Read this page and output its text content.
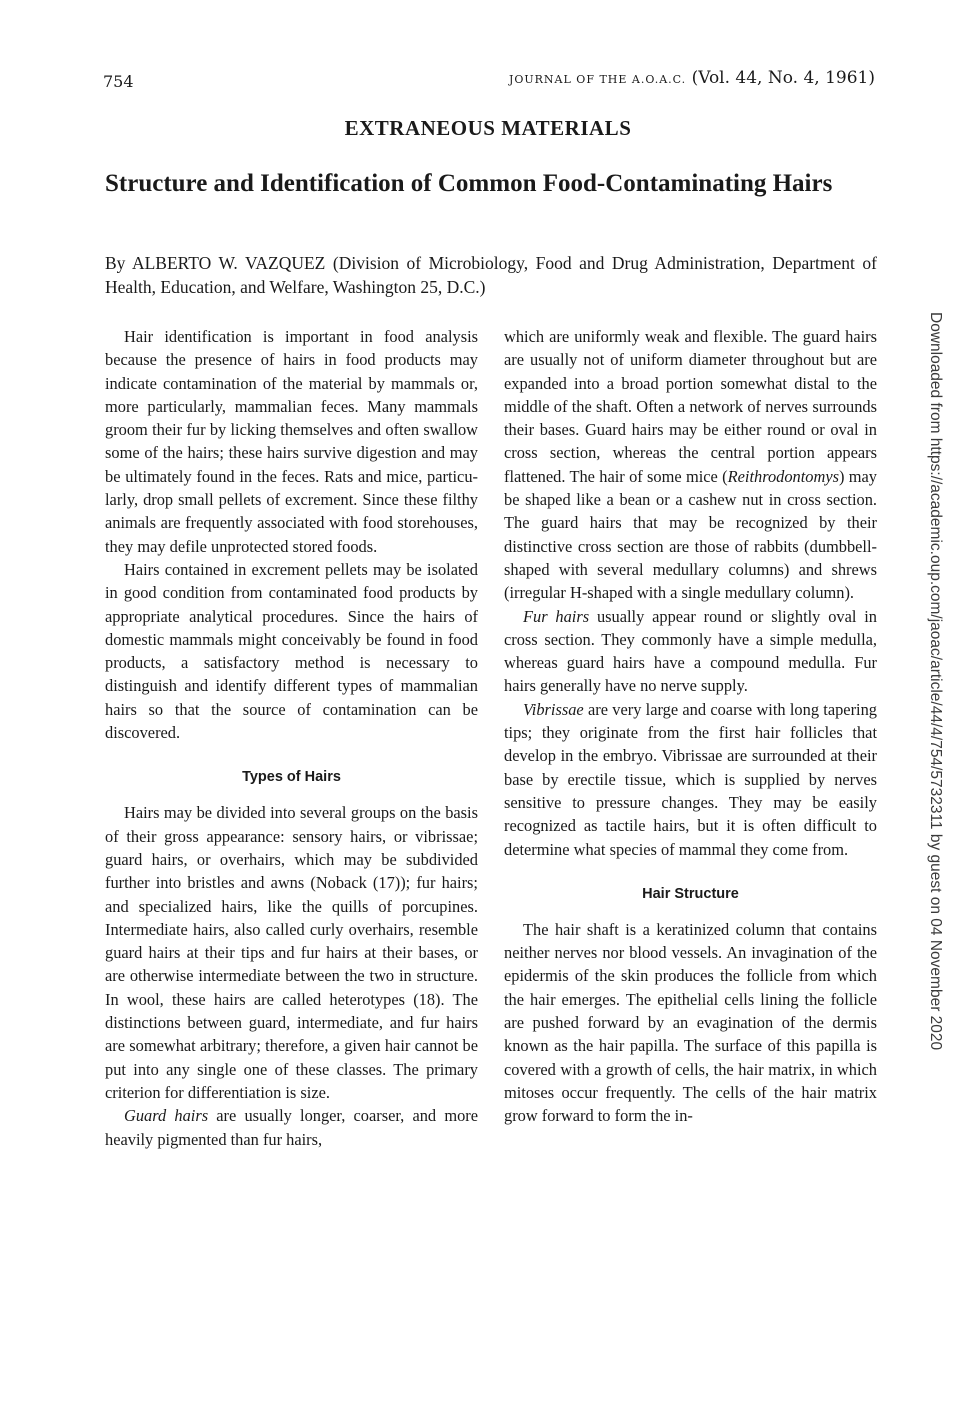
754	JOURNAL OF THE A.O.A.C. (Vol. 44, No. 4, 1961)
EXTRANEOUS MATERIALS
Structure and Identification of Common Food-Contaminating Hairs
By ALBERTO W. VAZQUEZ (Division of Microbiology, Food and Drug Administration, Department of Health, Education, and Welfare, Washington 25, D.C.)

Hair identification is important in food analysis because the presence of hairs in food products may indicate contamination of the material by mammals or, more particularly, mammalian feces. Many mammals groom their fur by licking themselves and often swallow some of the hairs; these hairs survive digestion and may be ultimately found in the feces. Rats and mice, particularly, drop small pellets of excrement. Since these filthy animals are frequently associated with food storehouses, they may defile unprotected stored foods.

Hairs contained in excrement pellets may be isolated in good condition from contaminated food products by appropriate analytical procedures. Since the hairs of domestic mammals might conceivably be found in food products, a satisfactory method is necessary to distinguish and identify different types of mammalian hairs so that the source of contamination can be discovered.

Types of Hairs

Hairs may be divided into several groups on the basis of their gross appearance: sensory hairs, or vibrissae; guard hairs, or overhairs, which may be subdivided further into bristles and awns (Noback (17)); fur hairs; and specialized hairs, like the quills of porcupines. Intermediate hairs, also called curly overhairs, resemble guard hairs at their tips and fur hairs at their bases, or are otherwise intermediate between the two in structure. In wool, these hairs are called heterotypes (18). The distinctions between guard, intermediate, and fur hairs are somewhat arbitrary; therefore, a given hair cannot be put into any single one of these classes. The primary criterion for differentiation is size.

Guard hairs are usually longer, coarser, and more heavily pigmented than fur hairs,

which are uniformly weak and flexible. The guard hairs are usually not of uniform diameter throughout but are expanded into a broad portion somewhat distal to the middle of the shaft. Often a network of nerves surrounds their bases. Guard hairs may be either round or oval in cross section, whereas the central portion appears flattened. The hair of some mice (Reithrodontomys) may be shaped like a bean or a cashew nut in cross section. The guard hairs that may be recognized by their distinctive cross section are those of rabbits (dumbbell-shaped with several medullary columns) and shrews (irregular H-shaped with a single medullary column).

Fur hairs usually appear round or slightly oval in cross section. They commonly have a simple medulla, whereas guard hairs have a compound medulla. Fur hairs generally have no nerve supply.

Vibrissae are very large and coarse with long tapering tips; they originate from the first hair follicles that develop in the embryo. Vibrissae are surrounded at their base by erectile tissue, which is supplied by nerves sensitive to pressure changes. They may be easily recognized as tactile hairs, but it is often difficult to determine what species of mammal they come from.

Hair Structure

The hair shaft is a keratinized column that contains neither nerves nor blood vessels. An invagination of the epidermis of the skin produces the follicle from which the hair emerges. The epithelial cells lining the follicle are pushed forward by an evagination of the dermis known as the hair papilla. The surface of this papilla is covered with a growth of cells, the hair matrix, in which mitoses occur frequently. The cells of the hair matrix grow forward to form the in-

Downloaded from https://academic.oup.com/jaoac/article/44/4/754/5732311 by guest on 04 November 2020
